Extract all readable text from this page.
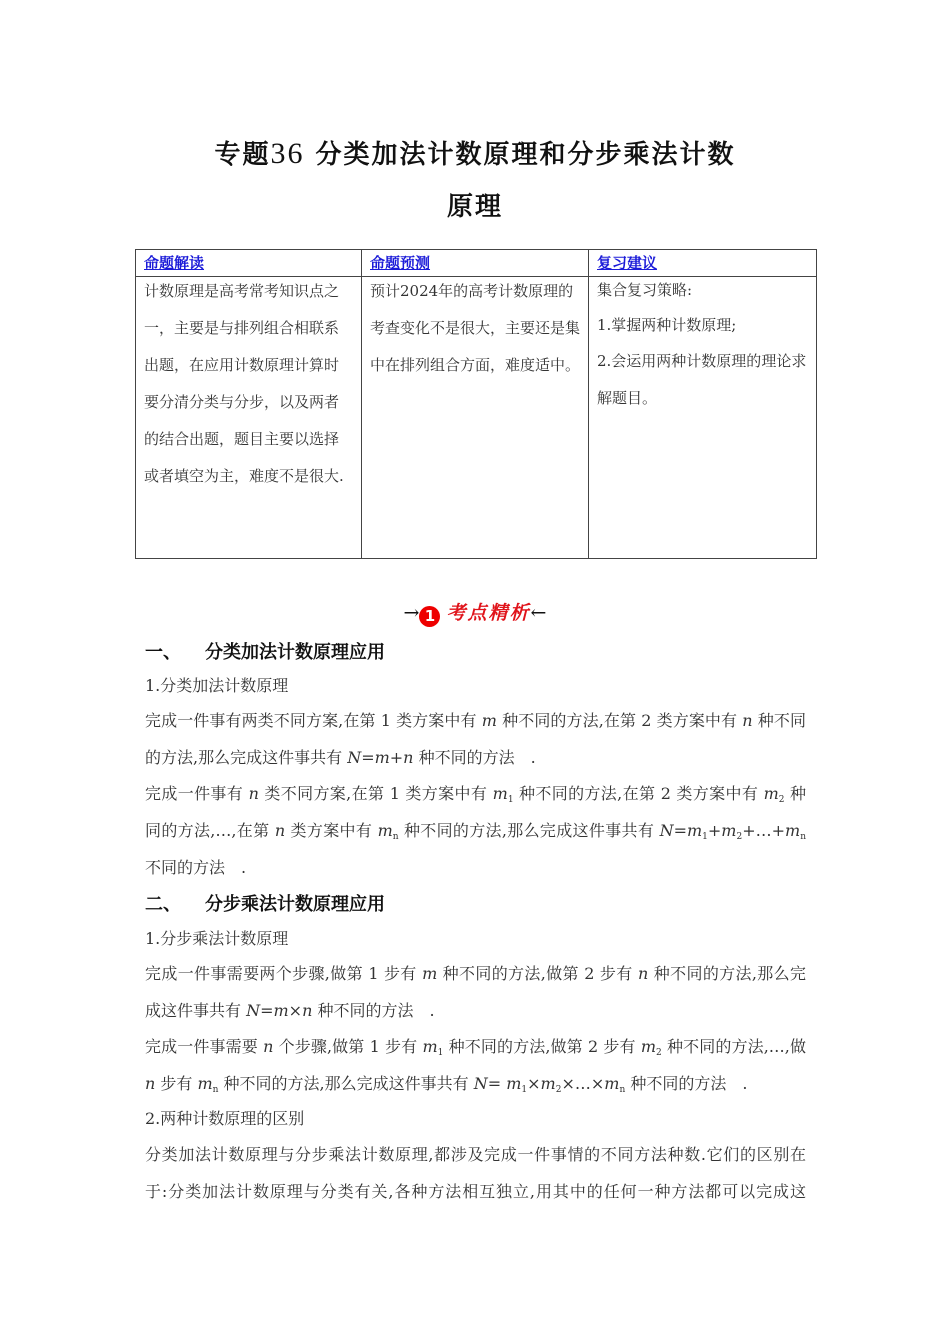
专题36 分类加法计数原理和分步乘法计数
原理
命题解读	命题预测	复习建议

计数原理是高考常考知识点之一，主要是与排列组合相联系出题，在应用计数原理计算时要分清分类与分步，以及两者的结合出题，题目主要以选择或者填空为主，难度不是很大.	预计2024年的高考计数原理的考查变化不是很大，主要还是集中在排列组合方面，难度适中。	集合复习策略:

1.掌握两种计数原理;

2.会运用两种计数原理的理论求解题目。

→ 1 考点精析←
一、 分类加法计数原理应用
1.分类加法计数原理
完成一件事有两类不同方案,在第 1 类方案中有 m 种不同的方法,在第 2 类方案中有 n 种不同
的方法,那么完成这件事共有 N=m+n 种不同的方法　.
完成一件事有 n 类不同方案,在第 1 类方案中有 $m_1$ 种不同的方法,在第 2 类方案中有 $m_2$ 种
同的方法,…,在第 n 类方案中有 $m_n$ 种不同的方法,那么完成这件事共有 $N=m_1+m_2+\dots+m_n$
不同的方法　.
二、 分步乘法计数原理应用
1.分步乘法计数原理
完成一件事需要两个步骤,做第 1 步有 m 种不同的方法,做第 2 步有 n 种不同的方法,那么完
成这件事共有 N=m×n 种不同的方法　.
完成一件事需要 n 个步骤,做第 1 步有 $m_1$ 种不同的方法,做第 2 步有 $m_2$ 种不同的方法,…,做
n 步有 $m_n$ 种不同的方法,那么完成这件事共有 $N= m_1\times m_2\times\dots\times m_n$ 种不同的方法　.
2.两种计数原理的区别
分类加法计数原理与分步乘法计数原理,都涉及完成一件事情的不同方法种数.它们的区别在
于:分类加法计数原理与分类有关,各种方法相互独立,用其中的任何一种方法都可以完成这
